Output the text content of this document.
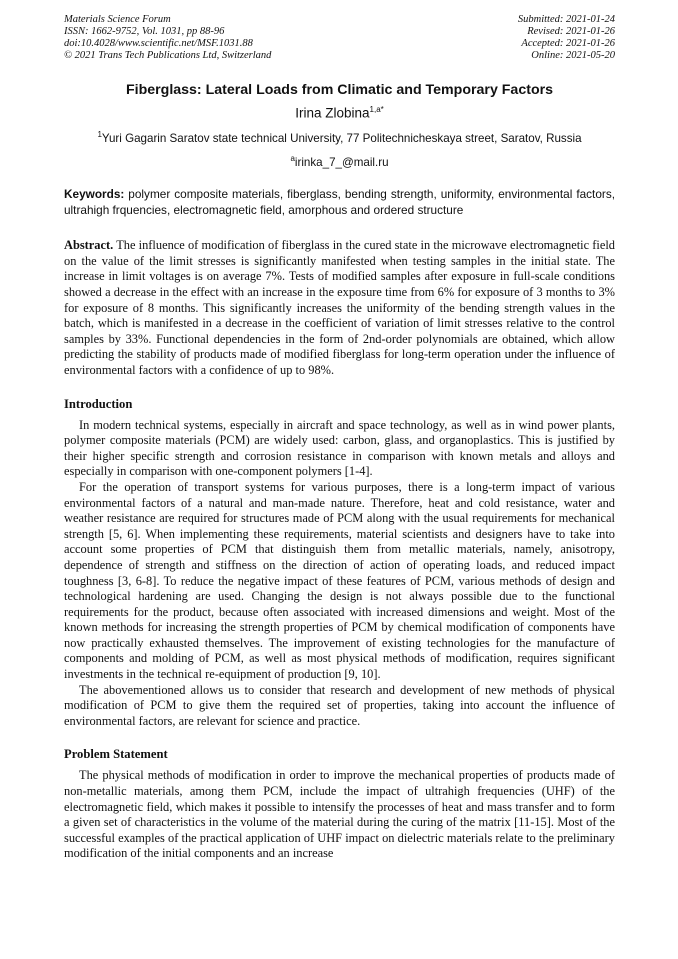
Materials Science Forum
ISSN: 1662-9752, Vol. 1031, pp 88-96
doi:10.4028/www.scientific.net/MSF.1031.88
© 2021 Trans Tech Publications Ltd, Switzerland
Submitted: 2021-01-24
Revised: 2021-01-26
Accepted: 2021-01-26
Online: 2021-05-20
Fiberglass: Lateral Loads from Climatic and Temporary Factors
Irina Zlobina$^{1,a*}$
$^1$Yuri Gagarin Saratov state technical University, 77 Politechnicheskaya street, Saratov, Russia
$^a$irinka_7_@mail.ru
Keywords: polymer composite materials, fiberglass, bending strength, uniformity, environmental factors, ultrahigh frquencies, electromagnetic field, amorphous and ordered structure
Abstract. The influence of modification of fiberglass in the cured state in the microwave electromagnetic field on the value of the limit stresses is significantly manifested when testing samples in the initial state. The increase in limit voltages is on average 7%. Tests of modified samples after exposure in full-scale conditions showed a decrease in the effect with an increase in the exposure time from 6% for exposure of 3 months to 3% for exposure of 8 months. This significantly increases the uniformity of the bending strength values in the batch, which is manifested in a decrease in the coefficient of variation of limit stresses relative to the control samples by 33%. Functional dependencies in the form of 2nd-order polynomials are obtained, which allow predicting the stability of products made of modified fiberglass for long-term operation under the influence of environmental factors with a confidence of up to 98%.
Introduction
In modern technical systems, especially in aircraft and space technology, as well as in wind power plants, polymer composite materials (PCM) are widely used: carbon, glass, and organoplastics. This is justified by their higher specific strength and corrosion resistance in comparison with known metals and alloys and especially in comparison with one-component polymers [1-4].
For the operation of transport systems for various purposes, there is a long-term impact of various environmental factors of a natural and man-made nature. Therefore, heat and cold resistance, water and weather resistance are required for structures made of PCM along with the usual requirements for mechanical strength [5, 6]. When implementing these requirements, material scientists and designers have to take into account some properties of PCM that distinguish them from metallic materials, namely, anisotropy, dependence of strength and stiffness on the direction of action of operating loads, and reduced impact toughness [3, 6-8]. To reduce the negative impact of these features of PCM, various methods of design and technological hardening are used. Changing the design is not always possible due to the functional requirements for the product, because often associated with increased dimensions and weight. Most of the known methods for increasing the strength properties of PCM by chemical modification of components have now practically exhausted themselves. The improvement of existing technologies for the manufacture of components and molding of PCM, as well as most physical methods of modification, requires significant investments in the technical re-equipment of production [9, 10].
The abovementioned allows us to consider that research and development of new methods of physical modification of PCM to give them the required set of properties, taking into account the influence of environmental factors, are relevant for science and practice.
Problem Statement
The physical methods of modification in order to improve the mechanical properties of products made of non-metallic materials, among them PCM, include the impact of ultrahigh frequencies (UHF) of the electromagnetic field, which makes it possible to intensify the processes of heat and mass transfer and to form a given set of characteristics in the volume of the material during the curing of the matrix [11-15]. Most of the successful examples of the practical application of UHF impact on dielectric materials relate to the preliminary modification of the initial components and an increase
